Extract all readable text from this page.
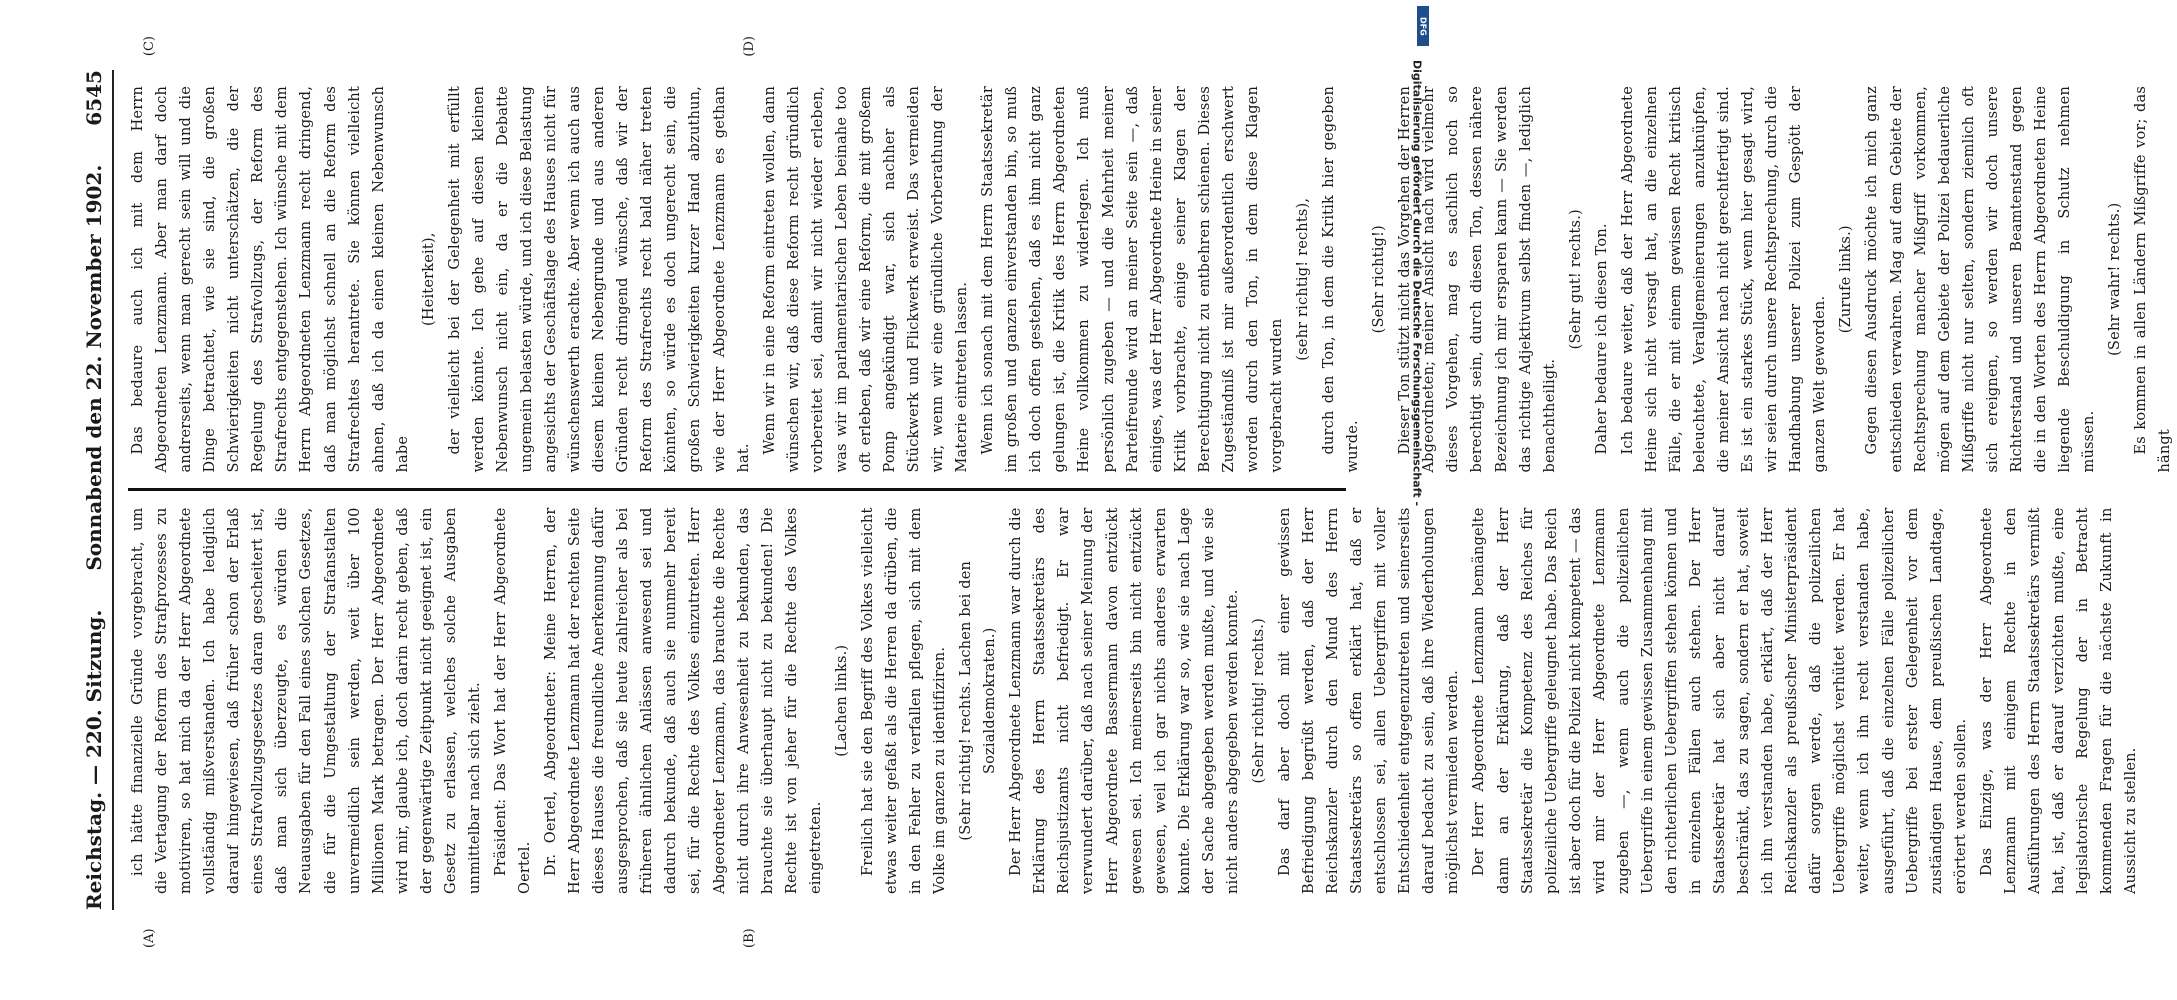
Reichstag. — 220. Sitzung.
Sonnabend den 22. November 1902.
6545
(A)	(B)
(C)	(D)

ich hätte finanzielle Gründe vorgebracht, um die Vertagung der Reform des Strafprozesses zu motiviren, so hat mich da der Herr Abgeordnete vollständig mißverstanden. Ich habe lediglich darauf hingewiesen, daß früher schon der Erlaß eines Strafvollzugsgesetzes daran gescheitert ist, daß man sich überzeugte, es würden die Neuausgaben für den Fall eines solchen Gesetzes, die für die Umgestaltung der Strafanstalten unvermeidlich sein werden, weit über 100 Millionen Mark betragen. Der Herr Abgeordnete wird mir, glaube ich, doch darin recht geben, daß der gegenwärtige Zeitpunkt nicht geeignet ist, ein Gesetz zu erlassen, welches solche Ausgaben unmittelbar nach sich zieht. Präsident: Das Wort hat der Herr Abgeordnete Oertel. Dr. Oertel, Abgeordneter: Meine Herren, der Herr Abgeordnete Lenzmann hat der rechten Seite dieses Hauses die freundliche Anerkennung dafür ausgesprochen, daß sie heute zahlreicher als bei früheren ähnlichen Anlässen anwesend sei und dadurch bekunde, daß auch sie nunmehr bereit sei, für die Rechte des Volkes einzutreten. Herr Abgeordneter Lenzmann, das brauchte die Rechte nicht durch ihre Anwesenheit zu bekunden, das brauchte sie überhaupt nicht zu bekunden! Die Rechte ist von jeher für die Rechte des Volkes eingetreten.

(Lachen links.) Freilich hat sie den Begriff des Volkes vielleicht etwas weiter gefaßt als die Herren da drüben, die in den Fehler zu verfallen pflegen, sich mit dem Volke im ganzen zu identifiziren. (Sehr richtig! rechts. Lachen bei den Sozialdemokraten.) Der Herr Abgeordnete Lenzmann war durch die Erklärung des Herrn Staatssekretärs des Reichsjustizamts nicht befriedigt. Er war verwundert darüber, daß nach seiner Meinung der Herr Abgeordnete Bassermann davon entzückt gewesen sei. Ich meinerseits bin nicht entzückt gewesen, weil ich gar nichts anderes erwarten konnte. Die Erklärung war so, wie sie nach Lage der Sache abgegeben werden mußte, und wie sie nicht anders abgegeben werden konnte. (Sehr richtig! rechts.) Das darf aber doch mit einer gewissen Befriedigung begrüßt werden, daß der Herr Reichskanzler durch den Mund des Herrn Staatssekretärs so offen erklärt hat, daß er entschlossen sei, allen Uebergriffen mit voller Entschiedenheit entgegenzutreten und seinerseits darauf bedacht zu sein, daß ihre Wiederholungen möglichst vermieden werden. Der Herr Abgeordnete Lenzmann bemängelte dann an der Erklärung, daß der Herr Staatssekretär die Kompetenz des Reiches für polizeiliche Uebergriffe geleugnet habe. Das Reich ist aber doch für die Polizei nicht kompetent — das wird mir der Herr Abgeordnete Lenzmann zugeben —, wenn auch die polizeilichen Uebergriffe in einem gewissen Zusammenhang mit den richterlichen Uebergriffen stehen können und in einzelnen Fällen auch stehen. Der Herr Staatssekretär hat sich aber nicht darauf beschränkt, das zu sagen, sondern er hat, soweit ich ihn verstanden habe, erklärt, daß der Herr Reichskanzler als preußischer Ministerpräsident dafür sorgen werde, daß die polizeilichen Uebergriffe möglichst verhütet werden. Er hat weiter, wenn ich ihn recht verstanden habe, ausgeführt, daß die einzelnen Fälle polizeilicher Uebergriffe bei erster Gelegenheit vor dem zuständigen Hause, dem preußischen Landtage, erörtert werden sollen. Das Einzige, was der Herr Abgeordnete Lenzmann mit einigem Rechte in den Ausführungen des Herrn Staatssekretärs vermißt hat, ist, daß er darauf verzichten mußte, eine legislatorische Regelung der in Betracht kommenden Fragen für die nächste Zukunft in Aussicht zu stellen.

Das bedaure auch ich mit dem Herrn Abgeordneten Lenzmann. Aber man darf doch andrerseits, wenn man gerecht sein will und die Dinge betrachtet, wie sie sind, die großen Schwierigkeiten nicht unterschätzen, die der Regelung des Strafvollzugs, der Reform des Strafrechts entgegenstehen. Ich wünsche mit dem Herrn Abgeordneten Lenzmann recht dringend, daß man möglichst schnell an die Reform des Strafrechtes herantrete. Sie können vielleicht ahnen, daß ich da einen kleinen Nebenwunsch habe

(Heiterkeit), der vielleicht bei der Gelegenheit mit erfüllt werden könnte. Ich gehe auf diesen kleinen Nebenwunsch nicht ein, da er die Debatte ungemein belasten würde, und ich diese Belastung angesichts der Geschäftslage des Hauses nicht für wünschenswerth erachte. Aber wenn ich auch aus diesem kleinen Nebengrunde und aus anderen Gründen recht dringend wünsche, daß wir der Reform des Strafrechts recht bald näher treten könnten, so würde es doch ungerecht sein, die großen Schwierigkeiten kurzer Hand abzuthun, wie der Herr Abgeordnete Lenzmann es gethan hat.

Wenn wir in eine Reform eintreten wollen, dann wünschen wir, daß diese Reform recht gründlich vorbereitet sei, damit wir nicht wieder erleben, was wir im parlamentarischen Leben beinahe too oft erleben, daß wir eine Reform, die mit großem Pomp angekündigt war, sich nachher als Stückwerk und Flickwerk erweist. Das vermeiden wir, wenn wir eine gründliche Vorberathung der Materie eintreten lassen. Wenn ich sonach mit dem Herrn Staatssekretär im großen und ganzen einverstanden bin, so muß ich doch offen gestehen, daß es ihm nicht ganz gelungen ist, die Kritik des Herrn Abgeordneten Heine vollkommen zu widerlegen. Ich muß persönlich zugeben — und die Mehrheit meiner Parteifreunde wird an meiner Seite sein —, daß einiges, was der Herr Abgeordnete Heine in seiner Kritik vorbrachte, einige seiner Klagen der Berechtigung nicht zu entbehren schienen. Dieses Zugeständniß ist mir außerordentlich erschwert worden durch den Ton, in dem diese Klagen vorgebracht wurden

(sehr richtig! rechts), durch den Ton, in dem die Kritik hier gegeben wurde.

(Sehr richtig!) Dieser Ton stützt nicht das Vorgehen der Herren Abgeordneten; meiner Ansicht nach wird vielmehr dieses Vorgehen, mag es sachlich noch so berechtigt sein, durch diesen Ton, dessen nähere Bezeichnung ich mir ersparen kann — Sie werden das richtige Adjektivum selbst finden —, lediglich benachtheiligt.

(Sehr gut! rechts.) Daher bedaure ich diesen Ton. Ich bedaure weiter, daß der Herr Abgeordnete Heine sich nicht versagt hat, an die einzelnen Fälle, die er mit einem gewissen Recht kritisch beleuchtete, Verallgemeinerungen anzuknüpfen, die meiner Ansicht nach nicht gerechtfertigt sind. Es ist ein starkes Stück, wenn hier gesagt wird, wir seien durch unsere Rechtsprechung, durch die Handhabung unserer Polizei zum Gespött der ganzen Welt geworden.

(Zurufe links.) Gegen diesen Ausdruck möchte ich mich ganz entschieden verwahren. Mag auf dem Gebiete der Rechtsprechung mancher Mißgriff vorkommen, mögen auf dem Gebiete der Polizei bedauerliche Mißgriffe nicht nur selten, sondern ziemlich oft sich ereignen, so werden wir doch unsere Richterstand und unseren Beamtenstand gegen die in den Worten des Herrn Abgeordneten Heine liegende Beschuldigung in Schutz nehmen müssen.

(Sehr wahr! rechts.) Es kommen in allen Ländern Mißgriffe vor; das hängt

DFG
Digitalisierung gefördert durch die Deutsche Forschungsgemeinschaft -
